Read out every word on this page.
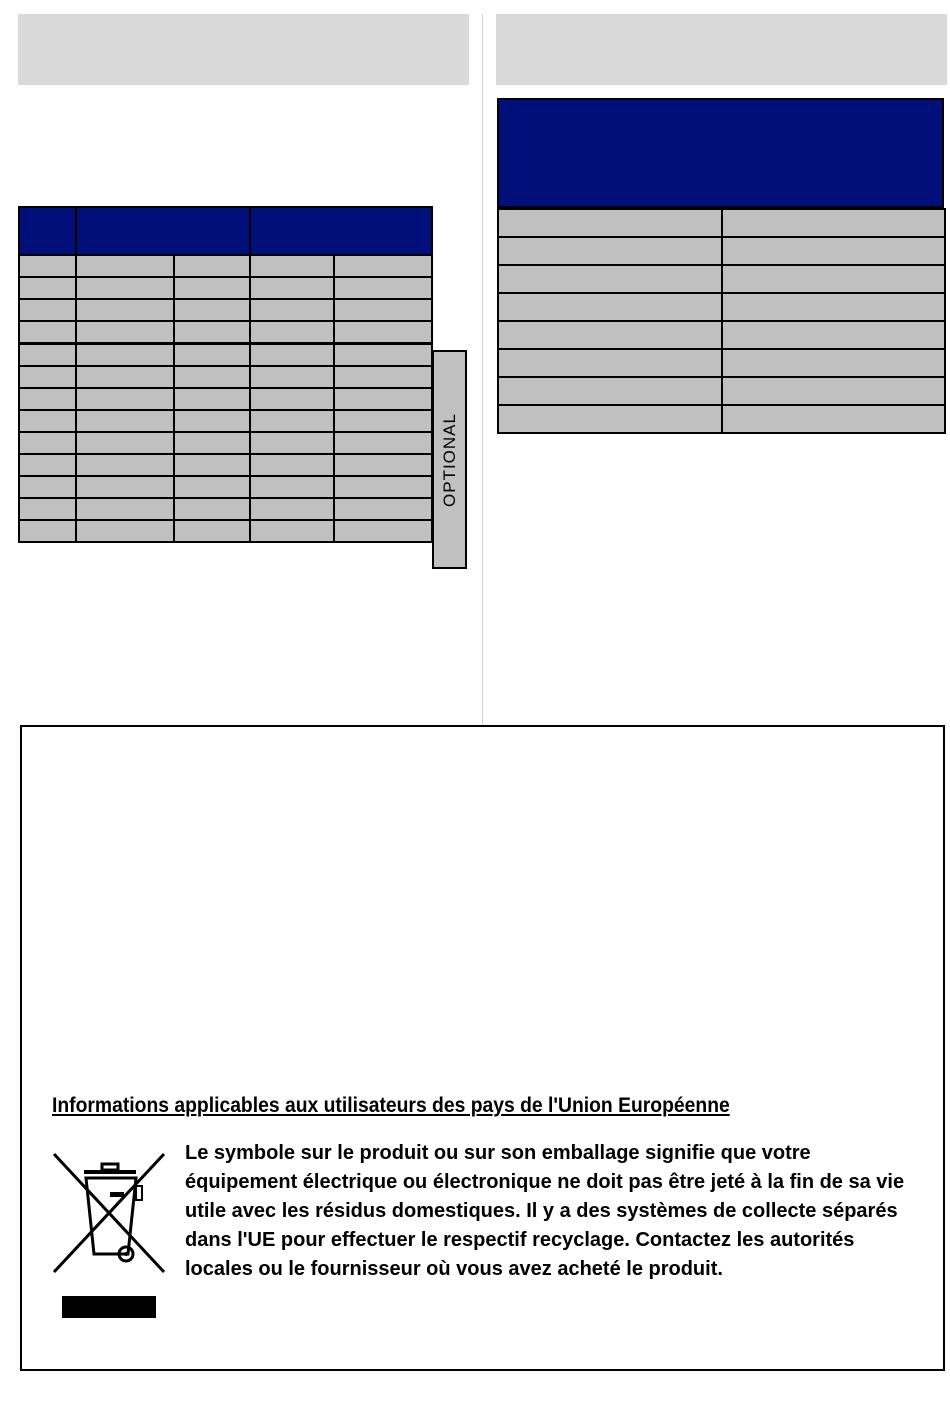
OPTIONAL

Informations applicables aux utilisateurs des pays de l'Union Européenne

Le symbole sur le produit ou sur son emballage signifie que votre équipement électrique ou électronique ne doit pas être jeté à la fin de sa vie utile avec les résidus domestiques. Il y a des systèmes de collecte séparés dans l'UE pour effectuer le respectif recyclage. Contactez les autorités locales ou le fournisseur où vous avez acheté le produit.
